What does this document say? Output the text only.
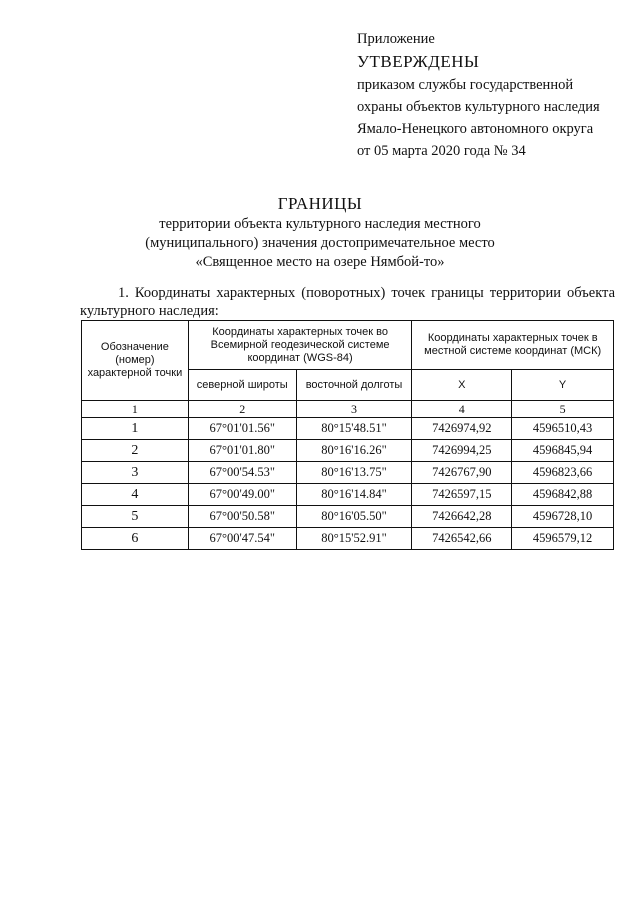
Приложение
УТВЕРЖДЕНЫ
приказом службы государственной
охраны объектов культурного наследия
Ямало-Ненецкого автономного округа
от 05 марта 2020 года № 34
ГРАНИЦЫ
территории объекта культурного наследия местного
(муниципального) значения достопримечательное место
«Священное место на озере Нямбой-то»
1. Координаты характерных (поворотных) точек границы территории объекта культурного наследия:
Обозначение (номер) характерной точки	Координаты характерных точек во Всемирной геодезической системе координат (WGS-84)		Координаты характерных точек в местной системе координат (МСК)	
	северной широты	восточной долготы	X	Y
1	2	3	4	5
1	67°01'01.56"	80°15'48.51"	7426974,92	4596510,43
2	67°01'01.80"	80°16'16.26"	7426994,25	4596845,94
3	67°00'54.53"	80°16'13.75"	7426767,90	4596823,66
4	67°00'49.00"	80°16'14.84"	7426597,15	4596842,88
5	67°00'50.58"	80°16'05.50"	7426642,28	4596728,10
6	67°00'47.54"	80°15'52.91"	7426542,66	4596579,12
